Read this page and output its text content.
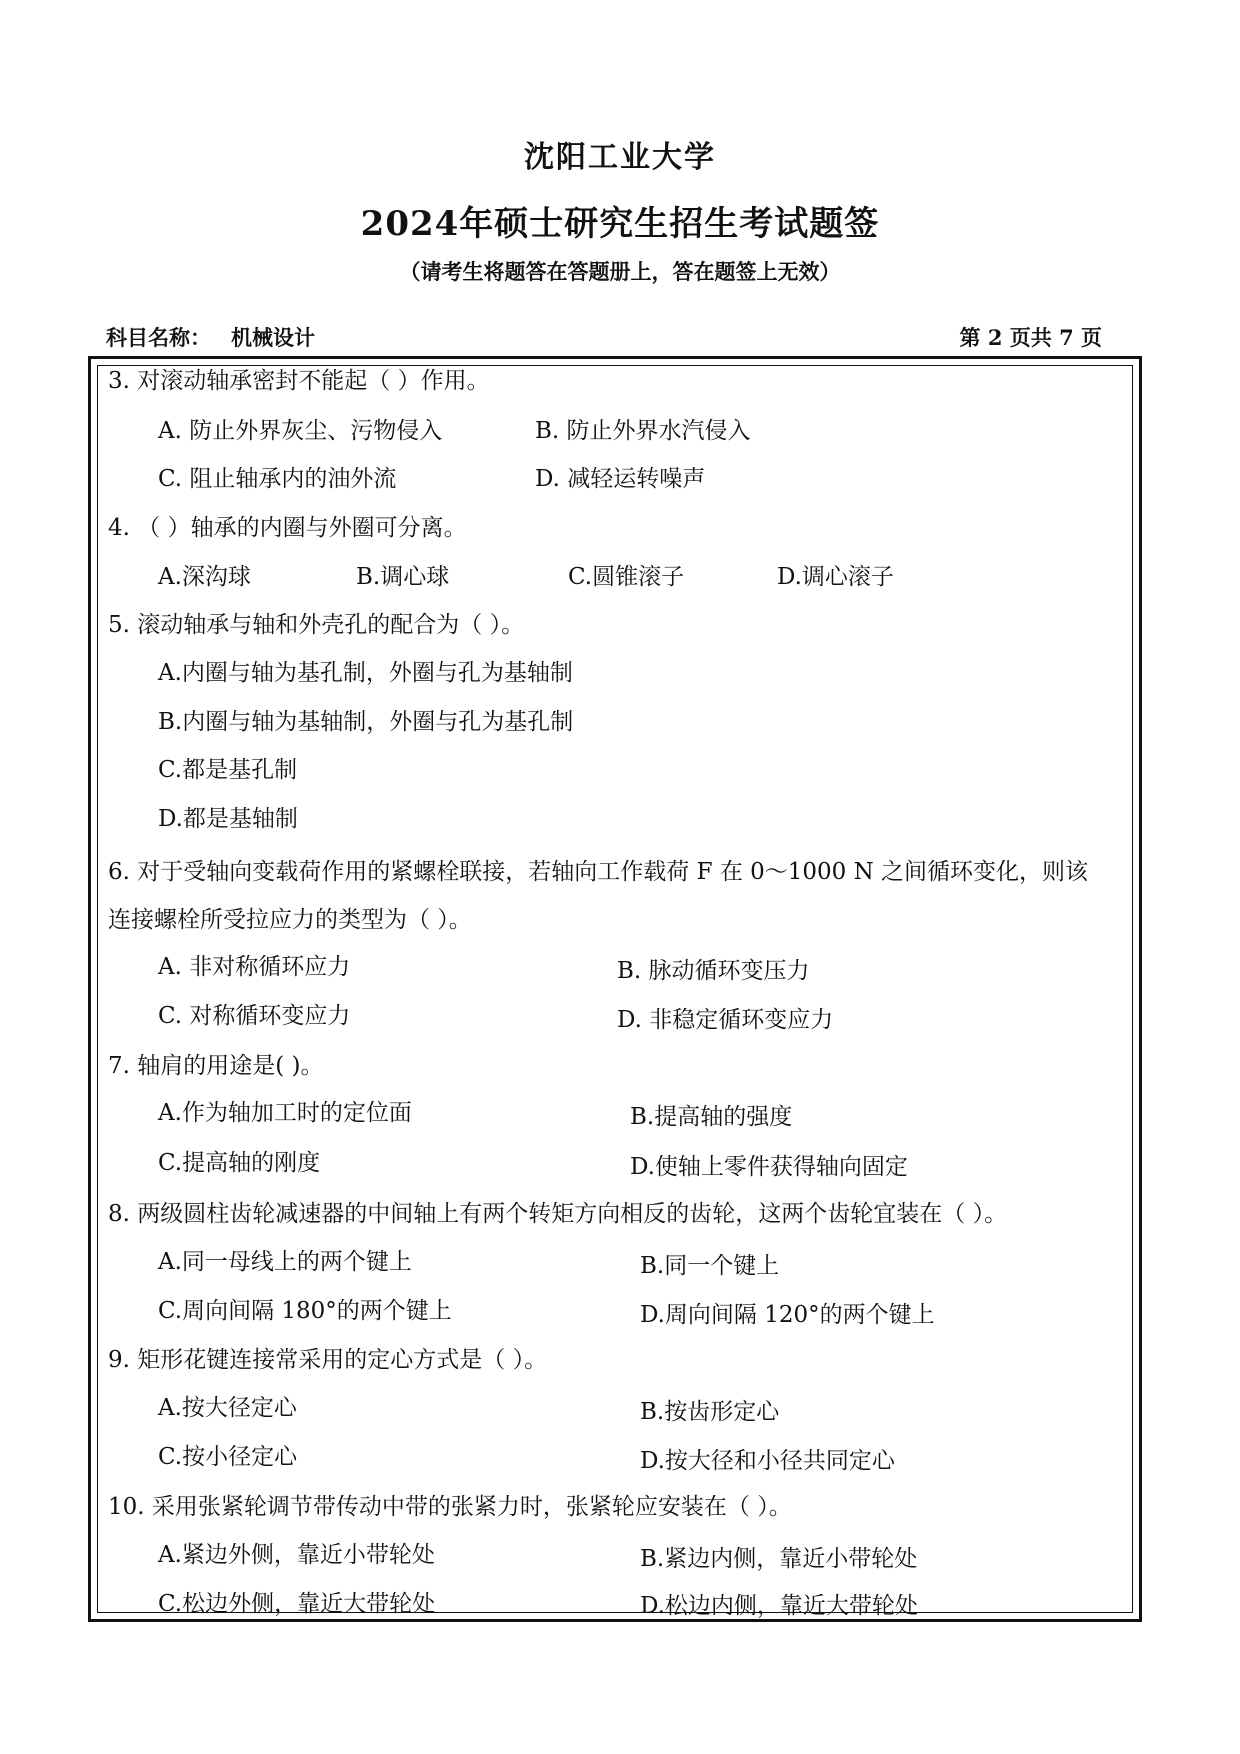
沈阳工业大学
2024年硕士研究生招生考试题签
（请考生将题答在答题册上，答在题签上无效）
科目名称： 机械设计	第 2 页共 7 页
3. 对滚动轴承密封不能起（ ）作用。
A. 防止外界灰尘、污物侵入	B. 防止外界水汽侵入
C. 阻止轴承内的油外流	D. 减轻运转噪声
4. （ ）轴承的内圈与外圈可分离。
A.深沟球	B.调心球	C.圆锥滚子	D.调心滚子
5. 滚动轴承与轴和外壳孔的配合为（ ）。
A.内圈与轴为基孔制，外圈与孔为基轴制
B.内圈与轴为基轴制，外圈与孔为基孔制
C.都是基孔制
D.都是基轴制
6. 对于受轴向变载荷作用的紧螺栓联接，若轴向工作载荷 F 在 0～1000 N 之间循环变化，则该
连接螺栓所受拉应力的类型为（ ）。
A. 非对称循环应力	B. 脉动循环变压力
C. 对称循环变应力	D. 非稳定循环变应力
7. 轴肩的用途是( )。
A.作为轴加工时的定位面	B.提高轴的强度
C.提高轴的刚度	D.使轴上零件获得轴向固定
8. 两级圆柱齿轮减速器的中间轴上有两个转矩方向相反的齿轮，这两个齿轮宜装在（ ）。
A.同一母线上的两个键上	B.同一个键上
C.周向间隔 180°的两个键上	D.周向间隔 120°的两个键上
9. 矩形花键连接常采用的定心方式是（ ）。
A.按大径定心	B.按齿形定心
C.按小径定心	D.按大径和小径共同定心
10. 采用张紧轮调节带传动中带的张紧力时，张紧轮应安装在（ ）。
A.紧边外侧，靠近小带轮处	B.紧边内侧，靠近小带轮处
C.松边外侧，靠近大带轮处	D.松边内侧，靠近大带轮处
